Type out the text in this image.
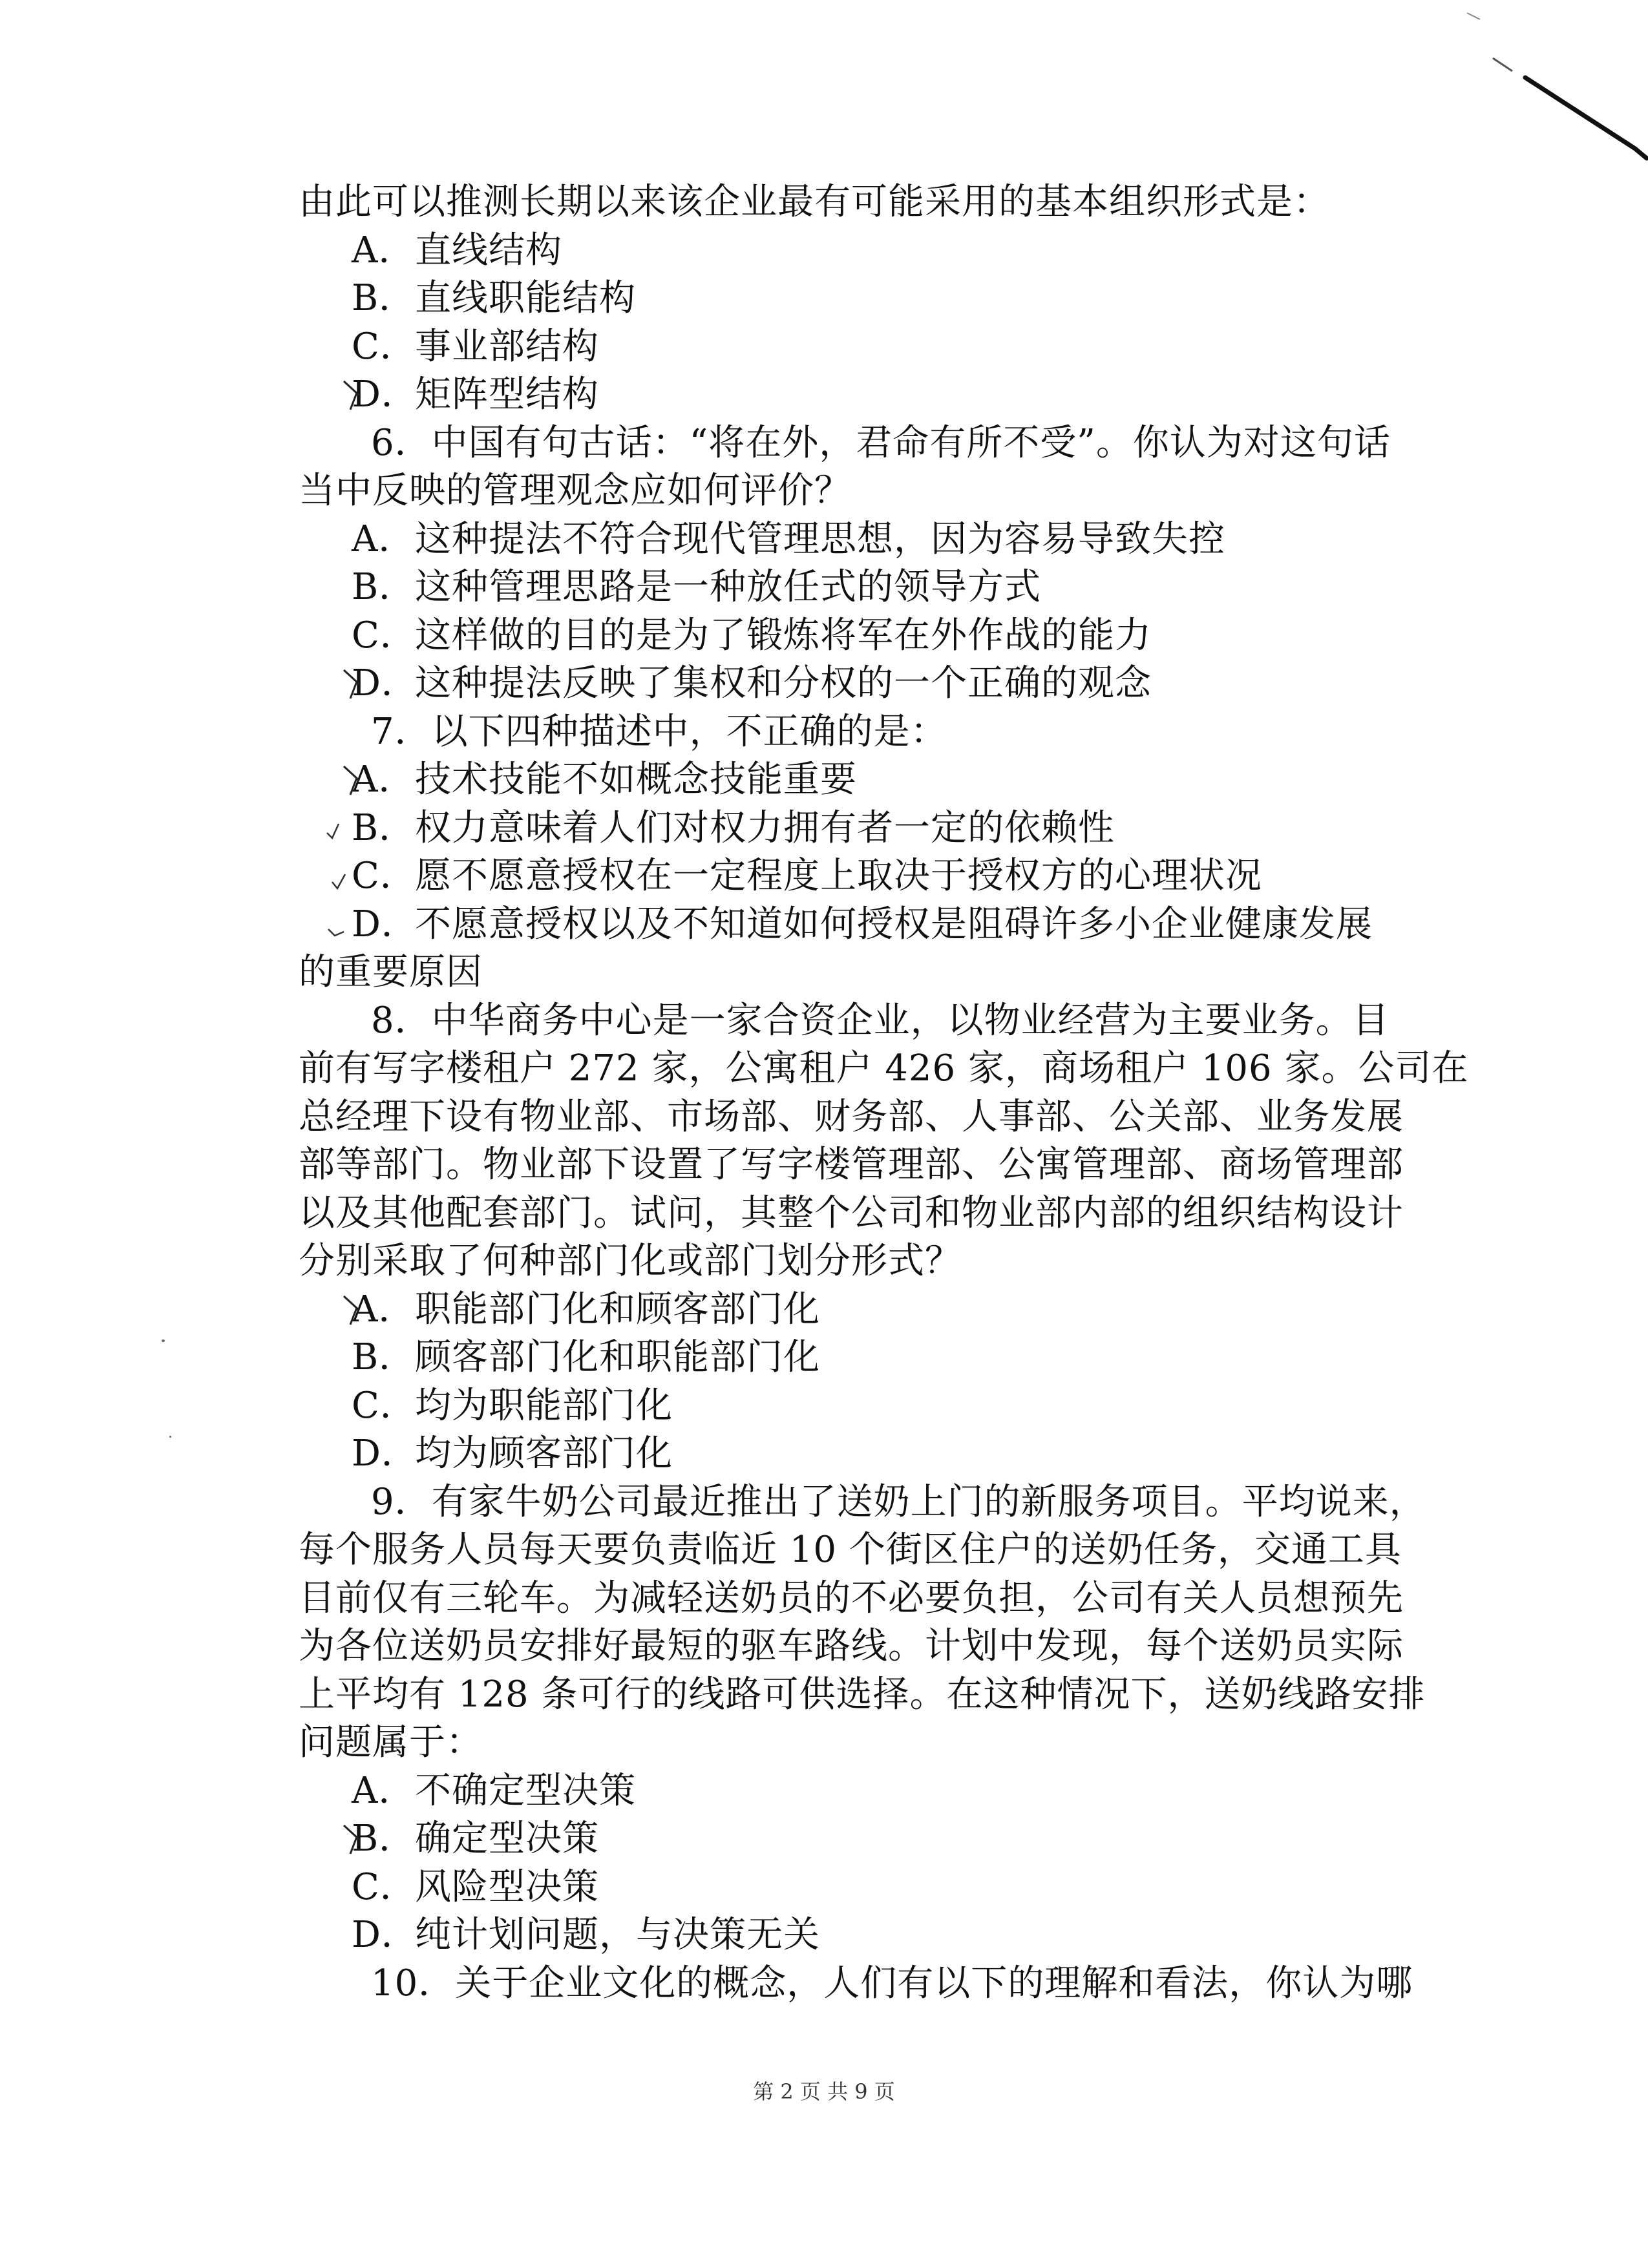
由此可以推测长期以来该企业最有可能采用的基本组织形式是：
A．直线结构
B．直线职能结构
C．事业部结构
D．矩阵型结构
6．中国有句古话：“将在外，君命有所不受”。你认为对这句话
当中反映的管理观念应如何评价？
A．这种提法不符合现代管理思想，因为容易导致失控
B．这种管理思路是一种放任式的领导方式
C．这样做的目的是为了锻炼将军在外作战的能力
D．这种提法反映了集权和分权的一个正确的观念
7．以下四种描述中，不正确的是：
A．技术技能不如概念技能重要
B．权力意味着人们对权力拥有者一定的依赖性
C．愿不愿意授权在一定程度上取决于授权方的心理状况
D．不愿意授权以及不知道如何授权是阻碍许多小企业健康发展
的重要原因
8．中华商务中心是一家合资企业，以物业经营为主要业务。目
前有写字楼租户 272 家，公寓租户 426 家，商场租户 106 家。公司在
总经理下设有物业部、市场部、财务部、人事部、公关部、业务发展
部等部门。物业部下设置了写字楼管理部、公寓管理部、商场管理部
以及其他配套部门。试问，其整个公司和物业部内部的组织结构设计
分别采取了何种部门化或部门划分形式？
A．职能部门化和顾客部门化
B．顾客部门化和职能部门化
C．均为职能部门化
D．均为顾客部门化
9．有家牛奶公司最近推出了送奶上门的新服务项目。平均说来，
每个服务人员每天要负责临近 10 个街区住户的送奶任务，交通工具
目前仅有三轮车。为减轻送奶员的不必要负担，公司有关人员想预先
为各位送奶员安排好最短的驱车路线。计划中发现，每个送奶员实际
上平均有 128 条可行的线路可供选择。在这种情况下，送奶线路安排
问题属于：
A．不确定型决策
B．确定型决策
C．风险型决策
D．纯计划问题，与决策无关
10．关于企业文化的概念，人们有以下的理解和看法，你认为哪
第 2 页 共 9 页
